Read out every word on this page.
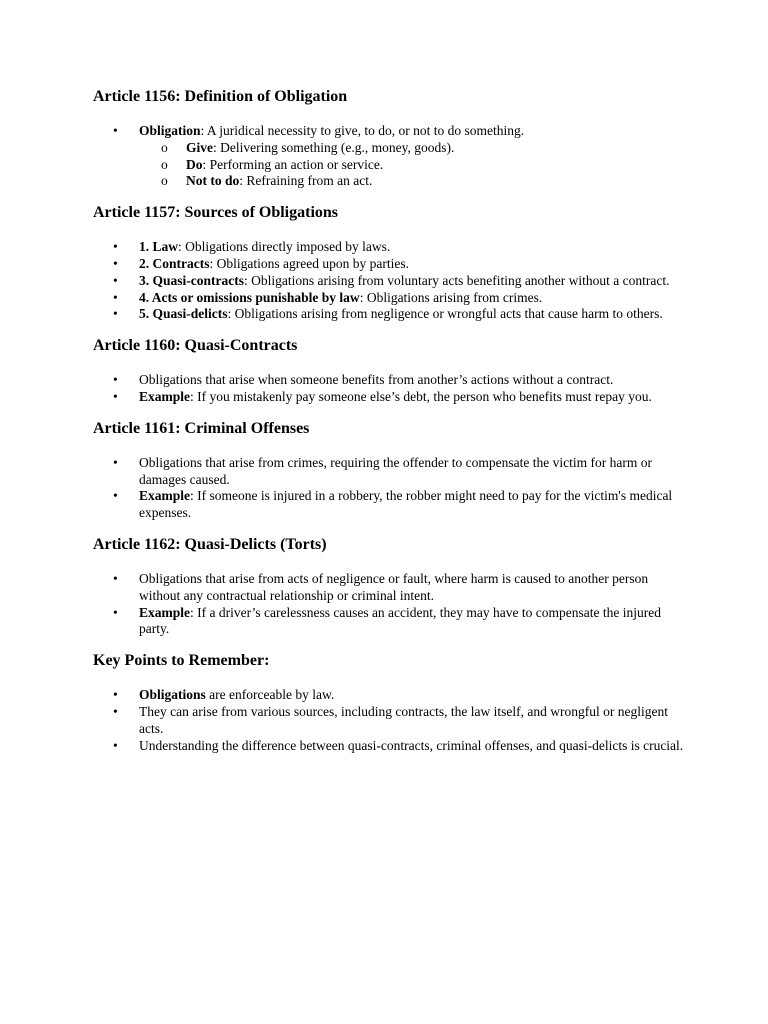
Article 1156: Definition of Obligation
• Obligation: A juridical necessity to give, to do, or not to do something.
o Give: Delivering something (e.g., money, goods).
o Do: Performing an action or service.
o Not to do: Refraining from an act.
Article 1157: Sources of Obligations
• 1. Law: Obligations directly imposed by laws.
• 2. Contracts: Obligations agreed upon by parties.
• 3. Quasi-contracts: Obligations arising from voluntary acts benefiting another without a contract.
• 4. Acts or omissions punishable by law: Obligations arising from crimes.
• 5. Quasi-delicts: Obligations arising from negligence or wrongful acts that cause harm to others.
Article 1160: Quasi-Contracts
• Obligations that arise when someone benefits from another’s actions without a contract.
• Example: If you mistakenly pay someone else’s debt, the person who benefits must repay you.
Article 1161: Criminal Offenses
• Obligations that arise from crimes, requiring the offender to compensate the victim for harm or damages caused.
• Example: If someone is injured in a robbery, the robber might need to pay for the victim's medical expenses.
Article 1162: Quasi-Delicts (Torts)
• Obligations that arise from acts of negligence or fault, where harm is caused to another person without any contractual relationship or criminal intent.
• Example: If a driver’s carelessness causes an accident, they may have to compensate the injured party.
Key Points to Remember:
• Obligations are enforceable by law.
• They can arise from various sources, including contracts, the law itself, and wrongful or negligent acts.
• Understanding the difference between quasi-contracts, criminal offenses, and quasi-delicts is crucial.
